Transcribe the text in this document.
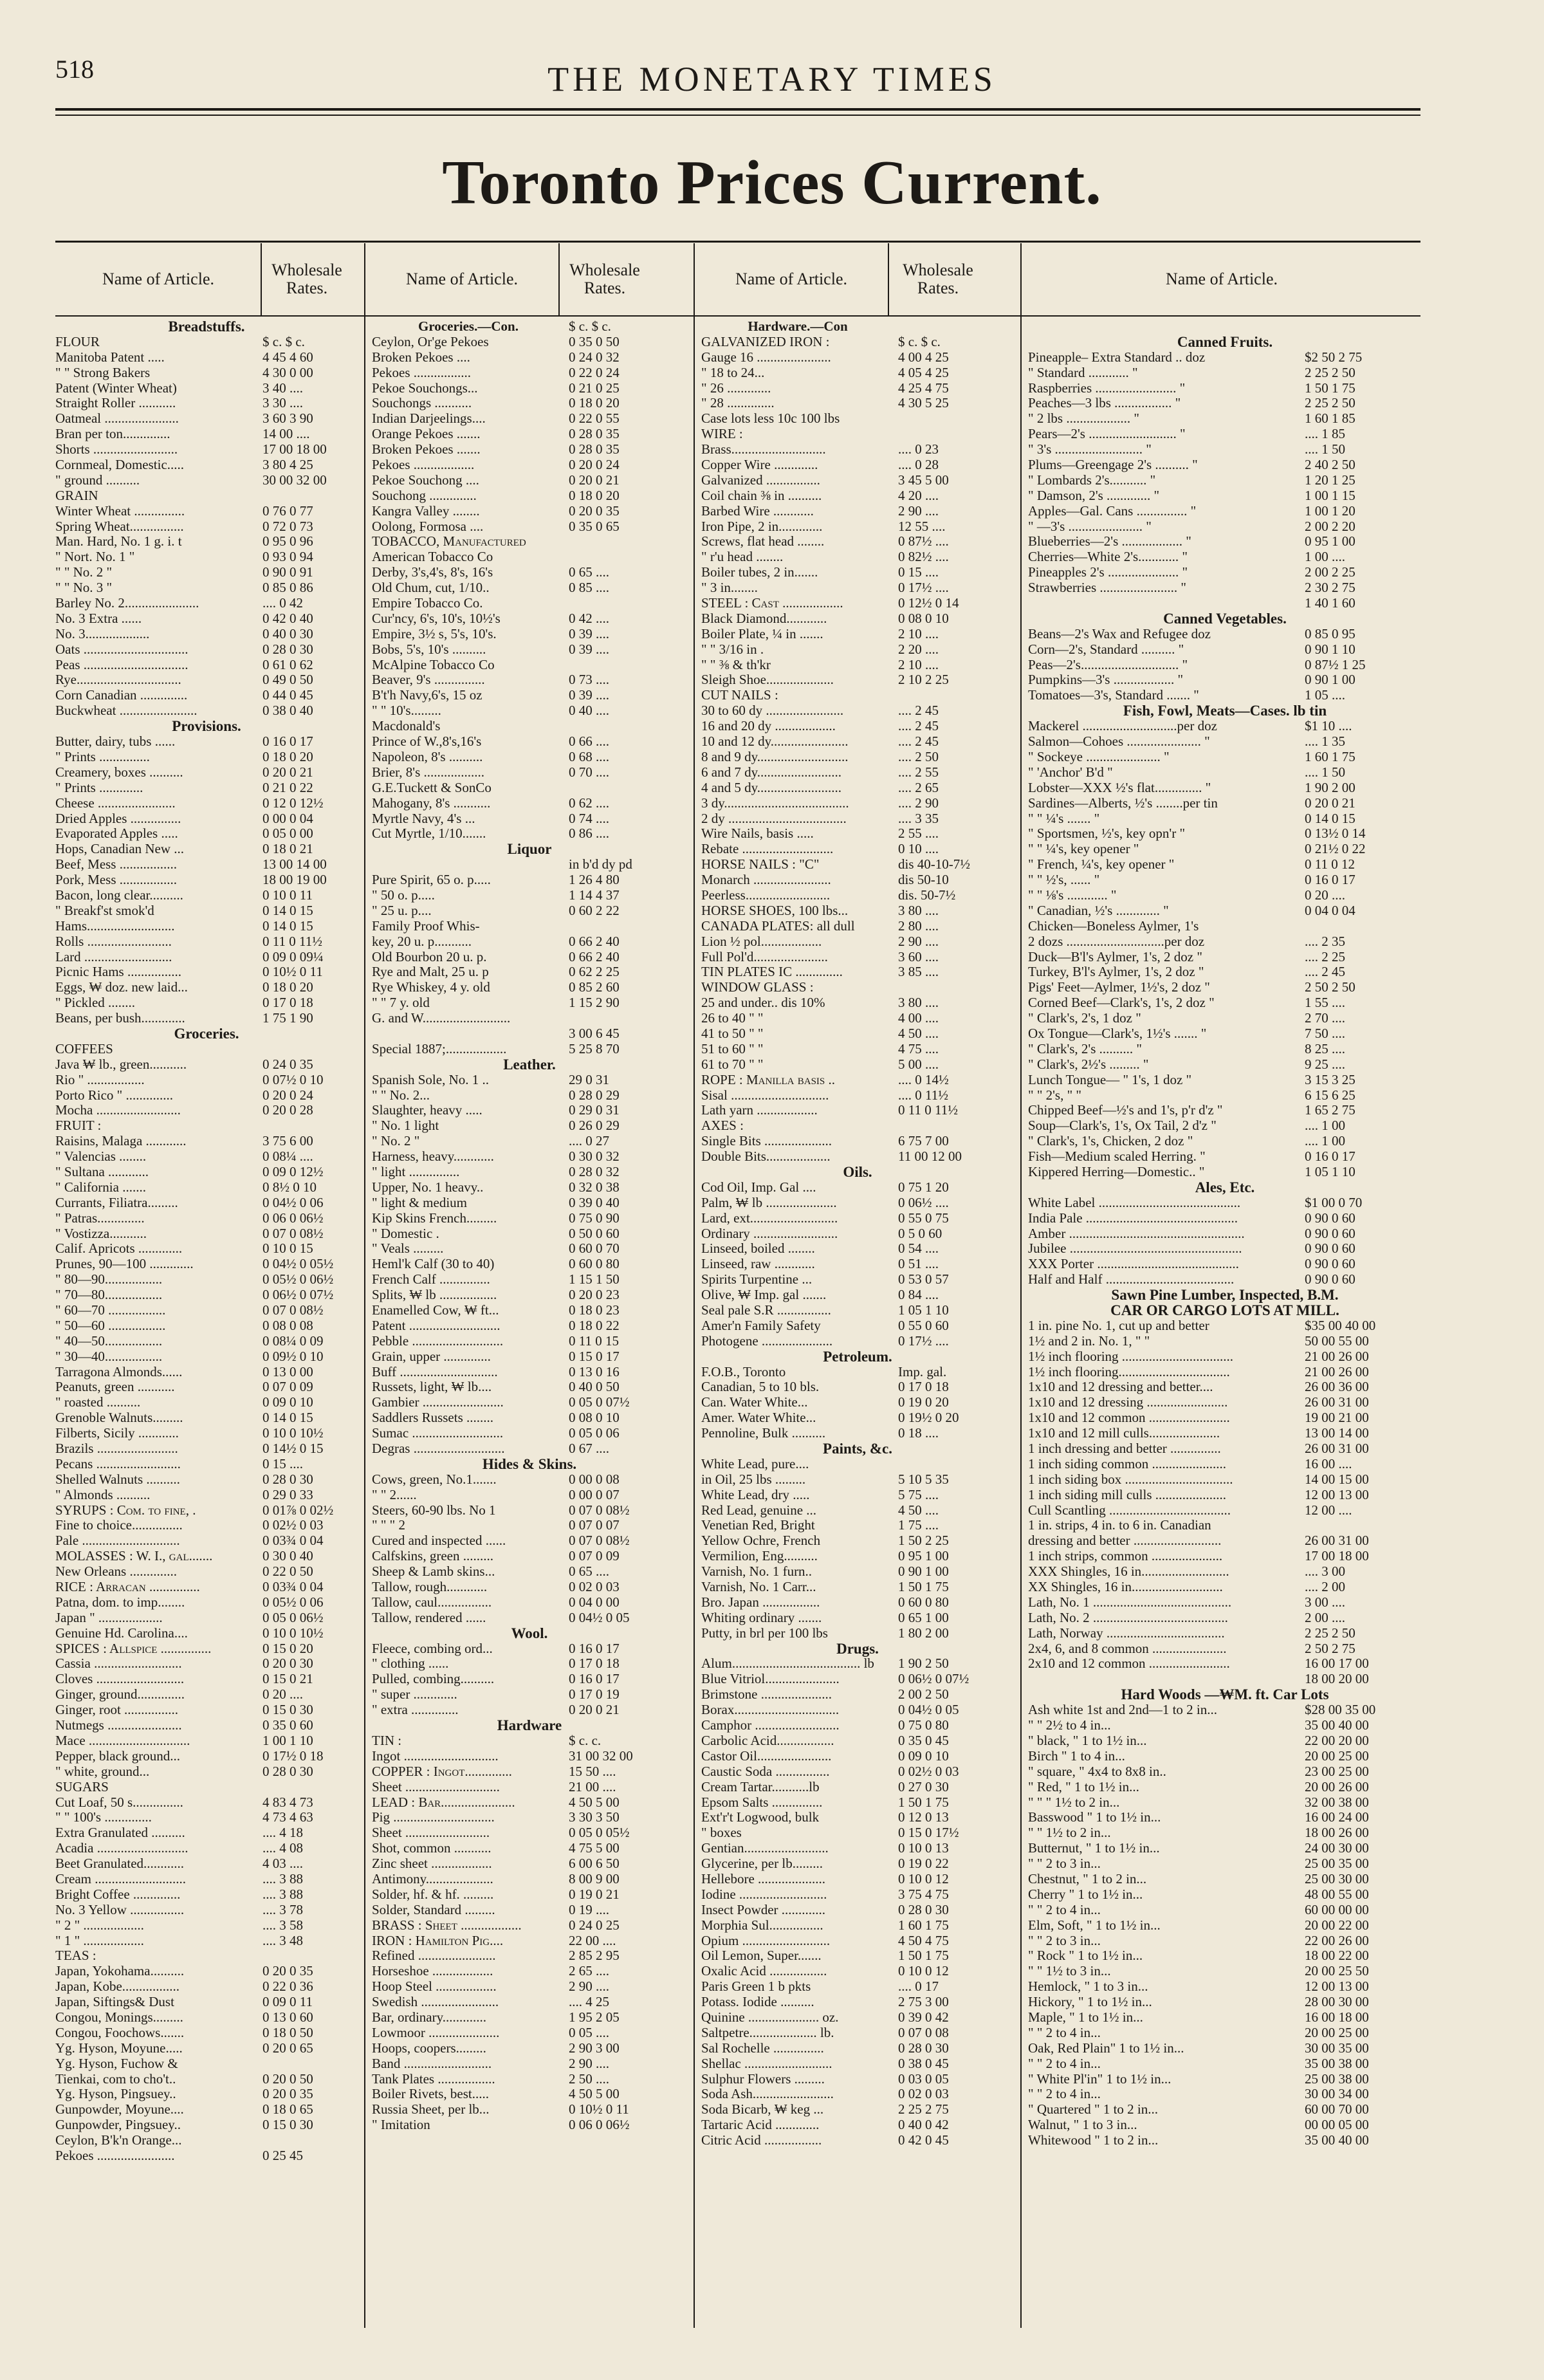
518	THE MONETARY TIMES
Toronto Prices Current.
Name of Article.	Wholesale Rates.	Name of Article.	Wholesale Rates.	Name of Article.	Wholesale Rates.	Name of Article.
Breadstuffs.
FLOUR	$ c. $ c.
Manitoba Patent .....	4 45 4 60
" " Strong Bakers	4 30 0 00
Patent (Winter Wheat)	3 40 ....
Straight Roller ...........	3 30 ....
Oatmeal ......................	3 60 3 90
Bran per ton..............	14 00 ....
Shorts .........................	17 00 18 00
Cornmeal, Domestic.....	3 80 4 25
" ground ..........	30 00 32 00
GRAIN
Winter Wheat ...............	0 76 0 77
Spring Wheat................	0 72 0 73
Man. Hard, No. 1 g. i. t	0 95 0 96
" Nort. No. 1 "	0 93 0 94
" " No. 2 "	0 90 0 91
" " No. 3 "	0 85 0 86
Barley No. 2......................	.... 0 42
No. 3 Extra ......	0 42 0 40
No. 3...................	0 40 0 30
Oats ...............................	0 28 0 30
Peas ...............................	0 61 0 62
Rye...............................	0 49 0 50
Corn Canadian ..............	0 44 0 45
Buckwheat .......................	0 38 0 40
Provisions.
Butter, dairy, tubs ......	0 16 0 17
" Prints ...............	0 18 0 20
Creamery, boxes ..........	0 20 0 21
" Prints .............	0 21 0 22
Cheese .......................	0 12 0 12½
Dried Apples ...............	0 00 0 04
Evaporated Apples .....	0 05 0 00
Hops, Canadian New ...	0 18 0 21
Beef, Mess .................	13 00 14 00
Pork, Mess .................	18 00 19 00
Bacon, long clear..........	0 10 0 11
" Breakf'st smok'd	0 14 0 15
Hams..........................	0 14 0 15
Rolls .........................	0 11 0 11½
Lard ..........................	0 09 0 09¼
Picnic Hams ................	0 10½ 0 11
Eggs, ₩ doz. new laid...	0 18 0 20
" Pickled ........	0 17 0 18
Beans, per bush.............	1 75 1 90
Groceries.
COFFEES
Java ₩ lb., green...........	0 24 0 35
Rio " .................	0 07½ 0 10
Porto Rico " ..............	0 20 0 24
Mocha .........................	0 20 0 28
FRUIT :
Raisins, Malaga ............	3 75 6 00
" Valencias ........	0 08¼ ....
" Sultana ............	0 09 0 12½
" California .......	0 8½ 0 10
Currants, Filiatra.........	0 04½ 0 06
" Patras..............	0 06 0 06½
" Vostizza...........	0 07 0 08½
Calif. Apricots .............	0 10 0 15
Prunes, 90—100 .............	0 04½ 0 05½
" 80—90.................	0 05½ 0 06½
" 70—80.................	0 06½ 0 07½
" 60—70 .................	0 07 0 08½
" 50—60 .................	0 08 0 08
" 40—50.................	0 08¼ 0 09
" 30—40.................	0 09½ 0 10
Tarragona Almonds......	0 13 0 00
Peanuts, green ...........	0 07 0 09
" roasted ..........	0 09 0 10
Grenoble Walnuts.........	0 14 0 15
Filberts, Sicily ............	0 10 0 10½
Brazils ........................	0 14½ 0 15
Pecans .........................	0 15 ....
Shelled Walnuts ..........	0 28 0 30
" Almonds ..........	0 29 0 33
SYRUPS : Com. to fine, .	0 01⅞ 0 02½
Fine to choice...............	0 02½ 0 03
Pale .............................	0 03¾ 0 04
MOLASSES : W. I., gal.......	0 30 0 40
New Orleans ..............	0 22 0 50
RICE : Arracan ...............	0 03¾ 0 04
Patna, dom. to imp........	0 05½ 0 06
Japan " ...................	0 05 0 06½
Genuine Hd. Carolina....	0 10 0 10½
SPICES : Allspice ...............	0 15 0 20
Cassia ..........................	0 20 0 30
Cloves ..........................	0 15 0 21
Ginger, ground..............	0 20 ....
Ginger, root ................	0 15 0 30
Nutmegs ......................	0 35 0 60
Mace ..............................	1 00 1 10
Pepper, black ground...	0 17½ 0 18
" white, ground...	0 28 0 30
SUGARS
Cut Loaf, 50 s...............	4 83 4 73
" " 100's ..............	4 73 4 63
Extra Granulated ..........	.... 4 18
Acadia ...........................	.... 4 08
Beet Granulated............	4 03 ....
Cream ...........................	.... 3 88
Bright Coffee ..............	.... 3 88
No. 3 Yellow ................	.... 3 78
" 2 " ..................	.... 3 58
" 1 " ..................	.... 3 48
TEAS :
Japan, Yokohama..........	0 20 0 35
Japan, Kobe.................	0 22 0 36
Japan, Siftings& Dust	0 09 0 11
Congou, Monings.........	0 13 0 60
Congou, Foochows.......	0 18 0 50
Yg. Hyson, Moyune.....	0 20 0 65
Yg. Hyson, Fuchow &
Tienkai, com to cho't..	0 20 0 50
Yg. Hyson, Pingsuey..	0 20 0 35
Gunpowder, Moyune....	0 18 0 65
Gunpowder, Pingsuey..	0 15 0 30
Ceylon, B'k'n Orange...
Pekoes .......................	0 25 45
Groceries.—Con.	$ c. $ c.
Ceylon, Or'ge Pekoes	0 35 0 50
Broken Pekoes ....	0 24 0 32
Pekoes .................	0 22 0 24
Pekoe Souchongs...	0 21 0 25
Souchongs ...........	0 18 0 20
Indian Darjeelings....	0 22 0 55
Orange Pekoes .......	0 28 0 35
Broken Pekoes .......	0 28 0 35
Pekoes ..................	0 20 0 24
Pekoe Souchong ....	0 20 0 21
Souchong ..............	0 18 0 20
Kangra Valley ........	0 20 0 35
Oolong, Formosa ....	0 35 0 65
TOBACCO, Manufactured
American Tobacco Co
Derby, 3's,4's, 8's, 16's	0 65 ....
Old Chum, cut, 1/10..	0 85 ....
Empire Tobacco Co.
Cur'ncy, 6's, 10's, 10½'s	0 42 ....
Empire, 3½ s, 5's, 10's.	0 39 ....
Bobs, 5's, 10's ..........	0 39 ....
McAlpine Tobacco Co
Beaver, 9's ...............	0 73 ....
B't'h Navy,6's, 15 oz	0 39 ....
" " 10's.........	0 40 ....
Macdonald's
Prince of W.,8's,16's	0 66 ....
Napoleon, 8's ..........	0 68 ....
Brier, 8's ..................	0 70 ....
G.E.Tuckett & SonCo
Mahogany, 8's ...........	0 62 ....
Myrtle Navy, 4's ...	0 74 ....
Cut Myrtle, 1/10.......	0 86 ....
Liquor
in b'd dy pd
Pure Spirit, 65 o. p.....	1 26 4 80
" 50 o. p.....	1 14 4 37
" 25 u. p....	0 60 2 22
Family Proof Whis-
key, 20 u. p...........	0 66 2 40
Old Bourbon 20 u. p.	0 66 2 40
Rye and Malt, 25 u. p	0 62 2 25
Rye Whiskey, 4 y. old	0 85 2 60
" " 7 y. old	1 15 2 90
G. and W..........................
3 00 6 45
Special 1887;..................	5 25 8 70
Leather.
Spanish Sole, No. 1 ..	29 0 31
" " No. 2...	0 28 0 29
Slaughter, heavy .....	0 29 0 31
" No. 1 light	0 26 0 29
" No. 2 "	.... 0 27
Harness, heavy............	0 30 0 32
" light ...............	0 28 0 32
Upper, No. 1 heavy..	0 32 0 38
" light & medium	0 39 0 40
Kip Skins French.........	0 75 0 90
" Domestic .	0 50 0 60
" Veals .........	0 60 0 70
Heml'k Calf (30 to 40)	0 60 0 80
French Calf ...............	1 15 1 50
Splits, ₩ lb .................	0 20 0 23
Enamelled Cow, ₩ ft...	0 18 0 23
Patent ...........................	0 18 0 22
Pebble ...........................	0 11 0 15
Grain, upper ..............	0 15 0 17
Buff .............................	0 13 0 16
Russets, light, ₩ lb....	0 40 0 50
Gambier ........................	0 05 0 07½
Saddlers Russets ........	0 08 0 10
Sumac ...........................	0 05 0 06
Degras ...........................	0 67 ....
Hides & Skins.
Cows, green, No.1.......	0 00 0 08
" " 2......	0 00 0 07
Steers, 60-90 lbs. No 1	0 07 0 08½
" " " 2	0 07 0 07
Cured and inspected ......	0 07 0 08½
Calfskins, green .........	0 07 0 09
Sheep & Lamb skins...	0 65 ....
Tallow, rough............	0 02 0 03
Tallow, caul................	0 04 0 00
Tallow, rendered ......	0 04½ 0 05
Wool.
Fleece, combing ord...	0 16 0 17
" clothing ......	0 17 0 18
Pulled, combing..........	0 16 0 17
" super .............	0 17 0 19
" extra ..............	0 20 0 21
Hardware
TIN :	$ c. c.
Ingot ............................	31 00 32 00
COPPER : Ingot..............	15 50 ....
Sheet ............................	21 00 ....
LEAD : Bar......................	4 50 5 00
Pig ..............................	3 30 3 50
Sheet .........................	0 05 0 05½
Shot, common ...........	4 75 5 00
Zinc sheet ..................	6 00 6 50
Antimony....................	8 00 9 00
Solder, hf. & hf. .........	0 19 0 21
Solder, Standard .........	0 19 ....
BRASS : Sheet ..................	0 24 0 25
IRON : Hamilton Pig....	22 00 ....
Refined .......................	2 85 2 95
Horseshoe ..................	2 65 ....
Hoop Steel ..................	2 90 ....
Swedish .......................	.... 4 25
Bar, ordinary.............	1 95 2 05
Lowmoor .....................	0 05 ....
Hoops, coopers.........	2 90 3 00
Band ..........................	2 90 ....
Tank Plates .................	2 50 ....
Boiler Rivets, best.....	4 50 5 00
Russia Sheet, per lb...	0 10½ 0 11
" Imitation	0 06 0 06½
Hardware.—Con
GALVANIZED IRON :	$ c. $ c.
Gauge 16 ......................	4 00 4 25
" 18 to 24...	4 05 4 25
" 26 .............	4 25 4 75
" 28 ..............	4 30 5 25
Case lots less 10c 100 lbs
WIRE :
Brass............................	.... 0 23
Copper Wire .............	.... 0 28
Galvanized ................	3 45 5 00
Coil chain ⅜ in ..........	4 20 ....
Barbed Wire ............	2 90 ....
Iron Pipe, 2 in.............	12 55 ....
Screws, flat head ........	0 87½ ....
" r'u head ........	0 82½ ....
Boiler tubes, 2 in.......	0 15 ....
" 3 in........	0 17½ ....
STEEL : Cast ..................	0 12½ 0 14
Black Diamond............	0 08 0 10
Boiler Plate, ¼ in .......	2 10 ....
" " 3/16 in .	2 20 ....
" " ⅜ & th'kr	2 10 ....
Sleigh Shoe....................	2 10 2 25
CUT NAILS :
30 to 60 dy .......................	.... 2 45
16 and 20 dy ..................	.... 2 45
10 and 12 dy.......................	.... 2 45
8 and 9 dy...........................	.... 2 50
6 and 7 dy.........................	.... 2 55
4 and 5 dy.........................	.... 2 65
3 dy.....................................	.... 2 90
2 dy ...................................	.... 3 35
Wire Nails, basis .....	2 55 ....
Rebate ...........................	0 10 ....
HORSE NAILS : "C"	dis 40-10-7½
Monarch .......................	dis 50-10
Peerless.........................	dis. 50-7½
HORSE SHOES, 100 lbs...	3 80 ....
CANADA PLATES: all dull	2 80 ....
Lion ½ pol..................	2 90 ....
Full Pol'd......................	3 60 ....
TIN PLATES IC ..............	3 85 ....
WINDOW GLASS :
25 and under.. dis 10%	3 80 ....
26 to 40 " "	4 00 ....
41 to 50 " "	4 50 ....
51 to 60 " "	4 75 ....
61 to 70 " "	5 00 ....
ROPE : Manilla basis ..	.... 0 14½
Sisal .............................	.... 0 11½
Lath yarn ..................	0 11 0 11½
AXES :
Single Bits ....................	6 75 7 00
Double Bits...................	11 00 12 00
Oils.
Cod Oil, Imp. Gal ....	0 75 1 20
Palm, ₩ lb .....................	0 06½ ....
Lard, ext..........................	0 55 0 75
Ordinary .........................	0 5 0 60
Linseed, boiled ........	0 54 ....
Linseed, raw ............	0 51 ....
Spirits Turpentine ...	0 53 0 57
Olive, ₩ Imp. gal .......	0 84 ....
Seal pale S.R ................	1 05 1 10
Amer'n Family Safety	0 55 0 60
Photogene .....................	0 17½ ....
Petroleum.
F.O.B., Toronto	Imp. gal.
Canadian, 5 to 10 bls.	0 17 0 18
Can. Water White...	0 19 0 20
Amer. Water White...	0 19½ 0 20
Pennoline, Bulk ..........	0 18 ....
Paints, &c.
White Lead, pure....
in Oil, 25 lbs .........	5 10 5 35
White Lead, dry .....	5 75 ....
Red Lead, genuine ...	4 50 ....
Venetian Red, Bright	1 75 ....
Yellow Ochre, French	1 50 2 25
Vermilion, Eng..........	0 95 1 00
Varnish, No. 1 furn..	0 90 1 00
Varnish, No. 1 Carr...	1 50 1 75
Bro. Japan .................	0 60 0 80
Whiting ordinary .......	0 65 1 00
Putty, in brl per 100 lbs	1 80 2 00
Drugs.
Alum...................................... lb	1 90 2 50
Blue Vitriol......................	0 06½ 0 07½
Brimstone .....................	2 00 2 50
Borax...............................	0 04½ 0 05
Camphor .........................	0 75 0 80
Carbolic Acid.................	0 35 0 45
Castor Oil......................	0 09 0 10
Caustic Soda ................	0 02½ 0 03
Cream Tartar...........lb	0 27 0 30
Epsom Salts ...............	1 50 1 75
Ext'r't Logwood, bulk	0 12 0 13
" boxes	0 15 0 17½
Gentian.........................	0 10 0 13
Glycerine, per lb.........	0 19 0 22
Hellebore ....................	0 10 0 12
Iodine ..........................	3 75 4 75
Insect Powder .............	0 28 0 30
Morphia Sul................	1 60 1 75
Opium ..........................	4 50 4 75
Oil Lemon, Super.......	1 50 1 75
Oxalic Acid .................	0 10 0 12
Paris Green 1 b pkts	.... 0 17
Potass. Iodide ..........	2 75 3 00
Quinine ..................... oz.	0 39 0 42
Saltpetre.................... lb.	0 07 0 08
Sal Rochelle ...............	0 28 0 30
Shellac ..........................	0 38 0 45
Sulphur Flowers .........	0 03 0 05
Soda Ash........................	0 02 0 03
Soda Bicarb, ₩ keg ...	2 25 2 75
Tartaric Acid .............	0 40 0 42
Citric Acid .................	0 42 0 45
Canned Fruits.
Pineapple– Extra Standard .. doz	$2 50 2 75
" Standard ............ "	2 25 2 50
Raspberries ........................ "	1 50 1 75
Peaches—3 lbs ................. "	2 25 2 50
" 2 lbs ................... "	1 60 1 85
Pears—2's .......................... "	.... 1 85
" 3's .......................... "	.... 1 50
Plums—Greengage 2's .......... "	2 40 2 50
" Lombards 2's........... "	1 20 1 25
" Damson, 2's ............. "	1 00 1 15
Apples—Gal. Cans ............... "	1 00 1 20
" —3's ...................... "	2 00 2 20
Blueberries—2's .................. "	0 95 1 00
Cherries—White 2's............ "	1 00 ....
Pineapples 2's ..................... "	2 00 2 25
Strawberries ....................... "	2 30 2 75
1 40 1 60
Canned Vegetables.
Beans—2's Wax and Refugee doz	0 85 0 95
Corn—2's, Standard .......... "	0 90 1 10
Peas—2's............................. "	0 87½ 1 25
Pumpkins—3's .................. "	0 90 1 00
Tomatoes—3's, Standard ....... "	1 05 ....
Fish, Fowl, Meats—Cases. lb tin
Mackerel ............................per doz	$1 10 ....
Salmon—Cohoes ...................... "	.... 1 35
" Sockeye ...................... "	1 60 1 75
" 'Anchor' B'd "	.... 1 50
Lobster—XXX ½'s flat.............. "	1 90 2 00
Sardines—Alberts, ½'s ........per tin	0 20 0 21
" " ¼'s ....... "	0 14 0 15
" Sportsmen, ½'s, key opn'r "	0 13½ 0 14
" " ¼'s, key opener "	0 21½ 0 22
" French, ¼'s, key opener "	0 11 0 12
" " ½'s, ...... "	0 16 0 17
" " ⅛'s ............ "	0 20 ....
" Canadian, ½'s ............. "	0 04 0 04
Chicken—Boneless Aylmer, 1's
2 dozs .............................per doz	.... 2 35
Duck—B'l's Aylmer, 1's, 2 doz "	.... 2 25
Turkey, B'l's Aylmer, 1's, 2 doz "	.... 2 45
Pigs' Feet—Aylmer, 1½'s, 2 doz "	2 50 2 50
Corned Beef—Clark's, 1's, 2 doz "	1 55 ....
" Clark's, 2's, 1 doz "	2 70 ....
Ox Tongue—Clark's, 1½'s ....... "	7 50 ....
" Clark's, 2's .......... "	8 25 ....
" Clark's, 2½'s ......... "	9 25 ....
Lunch Tongue— " 1's, 1 doz "	3 15 3 25
" " 2's, " "	6 15 6 25
Chipped Beef—½'s and 1's, p'r d'z "	1 65 2 75
Soup—Clark's, 1's, Ox Tail, 2 d'z "	.... 1 00
" Clark's, 1's, Chicken, 2 doz "	.... 1 00
Fish—Medium scaled Herring. "	0 16 0 17
Kippered Herring—Domestic.. "	1 05 1 10
Ales, Etc.
White Label ..........................................	$1 00 0 70
India Pale .............................................	0 90 0 60
Amber ....................................................	0 90 0 60
Jubilee ...................................................	0 90 0 60
XXX Porter ..........................................	0 90 0 60
Half and Half ......................................	0 90 0 60
Sawn Pine Lumber, Inspected, B.M.
CAR OR CARGO LOTS AT MILL.
1 in. pine No. 1, cut up and better	$35 00 40 00
1½ and 2 in. No. 1, " "	50 00 55 00
1½ inch flooring .................................	21 00 26 00
1½ inch flooring.................................	21 00 26 00
1x10 and 12 dressing and better....	26 00 36 00
1x10 and 12 dressing ........................	26 00 31 00
1x10 and 12 common ........................	19 00 21 00
1x10 and 12 mill culls.....................	13 00 14 00
1 inch dressing and better ...............	26 00 31 00
1 inch siding common ......................	16 00 ....
1 inch siding box ................................	14 00 15 00
1 inch siding mill culls .....................	12 00 13 00
Cull Scantling ....................................	12 00 ....
1 in. strips, 4 in. to 6 in. Canadian
dressing and better ..........................	26 00 31 00
1 inch strips, common .....................	17 00 18 00
XXX Shingles, 16 in..........................	.... 3 00
XX Shingles, 16 in...........................	.... 2 00
Lath, No. 1 .........................................	3 00 ....
Lath, No. 2 ........................................	2 00 ....
Lath, Norway ...................................	2 25 2 50
2x4, 6, and 8 common ......................	2 50 2 75
2x10 and 12 common ........................	16 00 17 00
18 00 20 00
Hard Woods —₩M. ft. Car Lots
Ash white 1st and 2nd—1 to 2 in...	$28 00 35 00
" " 2½ to 4 in...	35 00 40 00
" black, " 1 to 1½ in...	22 00 20 00
Birch " 1 to 4 in...	20 00 25 00
" square, " 4x4 to 8x8 in..	23 00 25 00
" Red, " 1 to 1½ in...	20 00 26 00
" " " 1½ to 2 in...	32 00 38 00
Basswood " 1 to 1½ in...	16 00 24 00
" " 1½ to 2 in...	18 00 26 00
Butternut, " 1 to 1½ in...	24 00 30 00
" " 2 to 3 in...	25 00 35 00
Chestnut, " 1 to 2 in...	25 00 30 00
Cherry " 1 to 1½ in...	48 00 55 00
" " 2 to 4 in...	60 00 00 00
Elm, Soft, " 1 to 1½ in...	20 00 22 00
" " 2 to 3 in...	22 00 26 00
" Rock " 1 to 1½ in...	18 00 22 00
" " 1½ to 3 in...	20 00 25 50
Hemlock, " 1 to 3 in...	12 00 13 00
Hickory, " 1 to 1½ in...	28 00 30 00
Maple, " 1 to 1½ in...	16 00 18 00
" " 2 to 4 in...	20 00 25 00
Oak, Red Plain" 1 to 1½ in...	30 00 35 00
" " 2 to 4 in...	35 00 38 00
" White Pl'in" 1 to 1½ in...	25 00 38 00
" " 2 to 4 in...	30 00 34 00
" Quartered " 1 to 2 in...	60 00 70 00
Walnut, " 1 to 3 in...	00 00 05 00
Whitewood " 1 to 2 in...	35 00 40 00
